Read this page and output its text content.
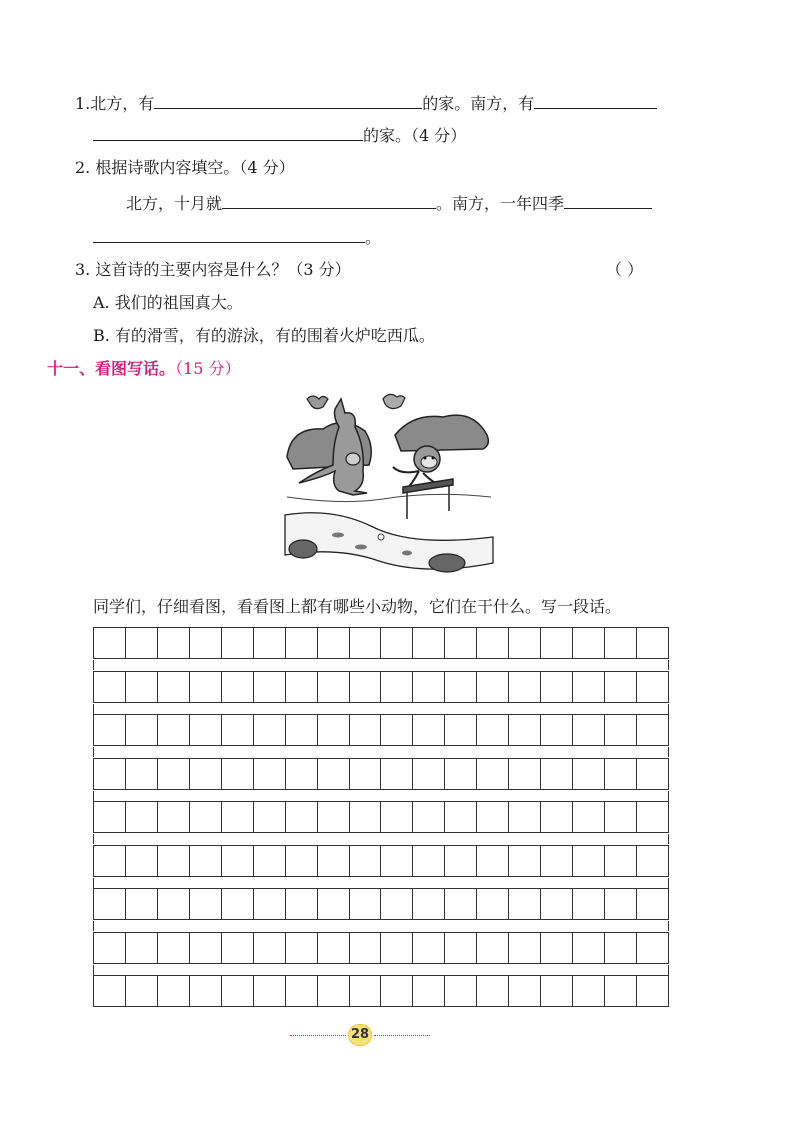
1.北方，有	的家。南方，有
的家。（4 分）
2. 根据诗歌内容填空。（4 分）
北方，十月就	。南方，一年四季
。
3. 这首诗的主要内容是什么？（3 分）	（ ）
A. 我们的祖国真大。
B. 有的滑雪，有的游泳，有的围着火炉吃西瓜。
十一、看图写话。（15 分）
同学们，仔细看图，看看图上都有哪些小动物，它们在干什么。写一段话。
28
